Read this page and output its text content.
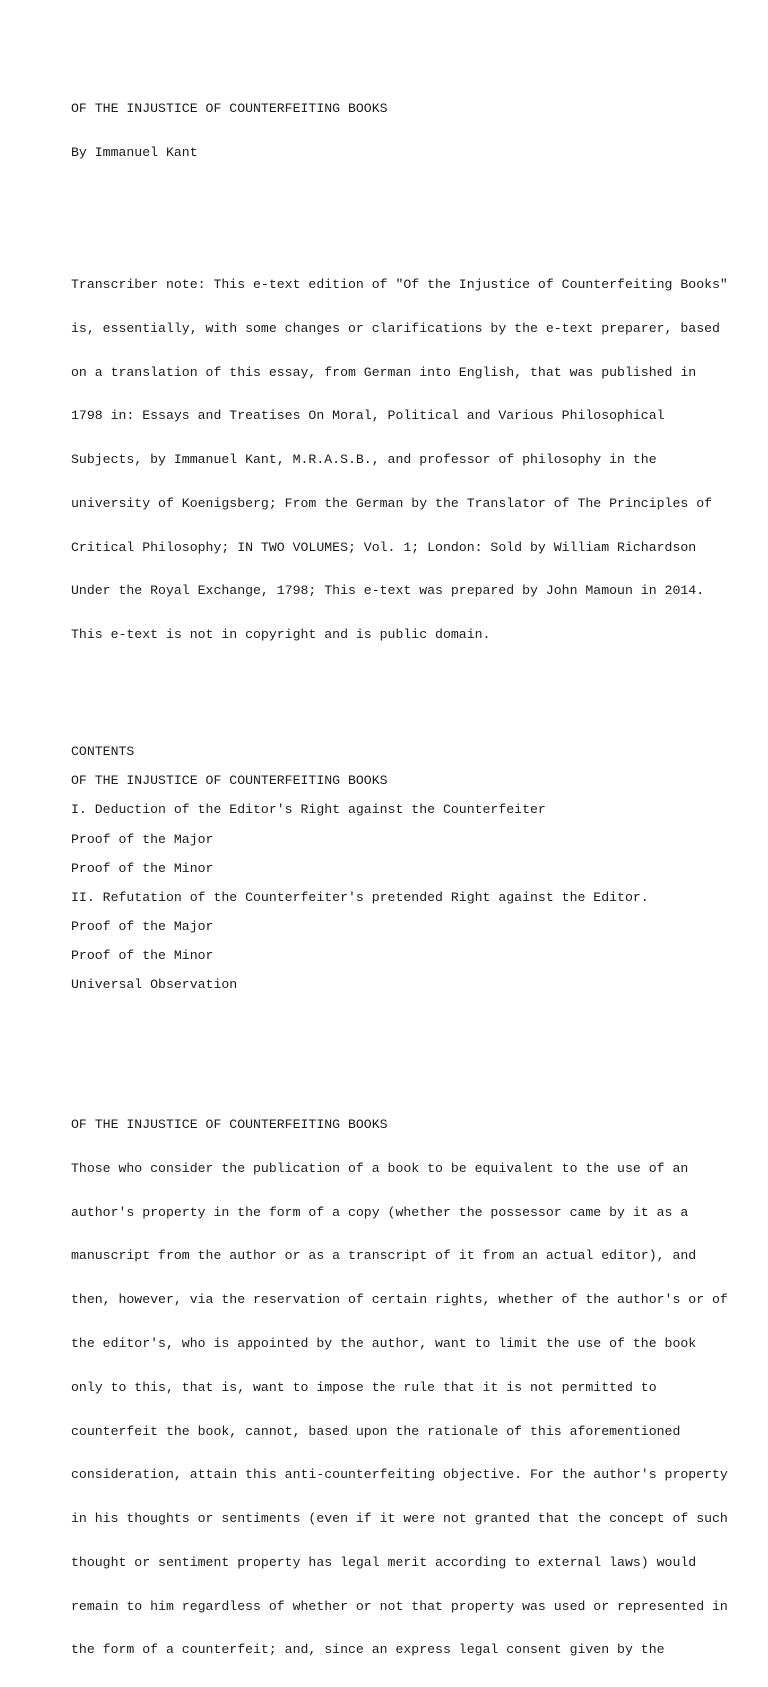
OF THE INJUSTICE OF COUNTERFEITING BOOKS

By Immanuel Kant

Transcriber note: This e-text edition of "Of the Injustice of Counterfeiting Books"

is, essentially, with some changes or clarifications by the e-text preparer, based

on a translation of this essay, from German into English, that was published in

1798 in: Essays and Treatises On Moral, Political and Various Philosophical

Subjects, by Immanuel Kant, M.R.A.S.B., and professor of philosophy in the

university of Koenigsberg; From the German by the Translator of The Principles of

Critical Philosophy; IN TWO VOLUMES; Vol. 1; London: Sold by William Richardson

Under the Royal Exchange, 1798; This e-text was prepared by John Mamoun in 2014.

This e-text is not in copyright and is public domain.

CONTENTS
OF THE INJUSTICE OF COUNTERFEITING BOOKS
I. Deduction of the Editor's Right against the Counterfeiter
Proof of the Major
Proof of the Minor
II. Refutation of the Counterfeiter's pretended Right against the Editor.
Proof of the Major
Proof of the Minor
Universal Observation
OF THE INJUSTICE OF COUNTERFEITING BOOKS

Those who consider the publication of a book to be equivalent to the use of an

author's property in the form of a copy (whether the possessor came by it as a

manuscript from the author or as a transcript of it from an actual editor), and

then, however, via the reservation of certain rights, whether of the author's or of

the editor's, who is appointed by the author, want to limit the use of the book

only to this, that is, want to impose the rule that it is not permitted to

counterfeit the book, cannot, based upon the rationale of this aforementioned

consideration, attain this anti-counterfeiting objective. For the author's property

in his thoughts or sentiments (even if it were not granted that the concept of such

thought or sentiment property has legal merit according to external laws) would

remain to him regardless of whether or not that property was used or represented in

the form of a counterfeit; and, since an express legal consent given by the
